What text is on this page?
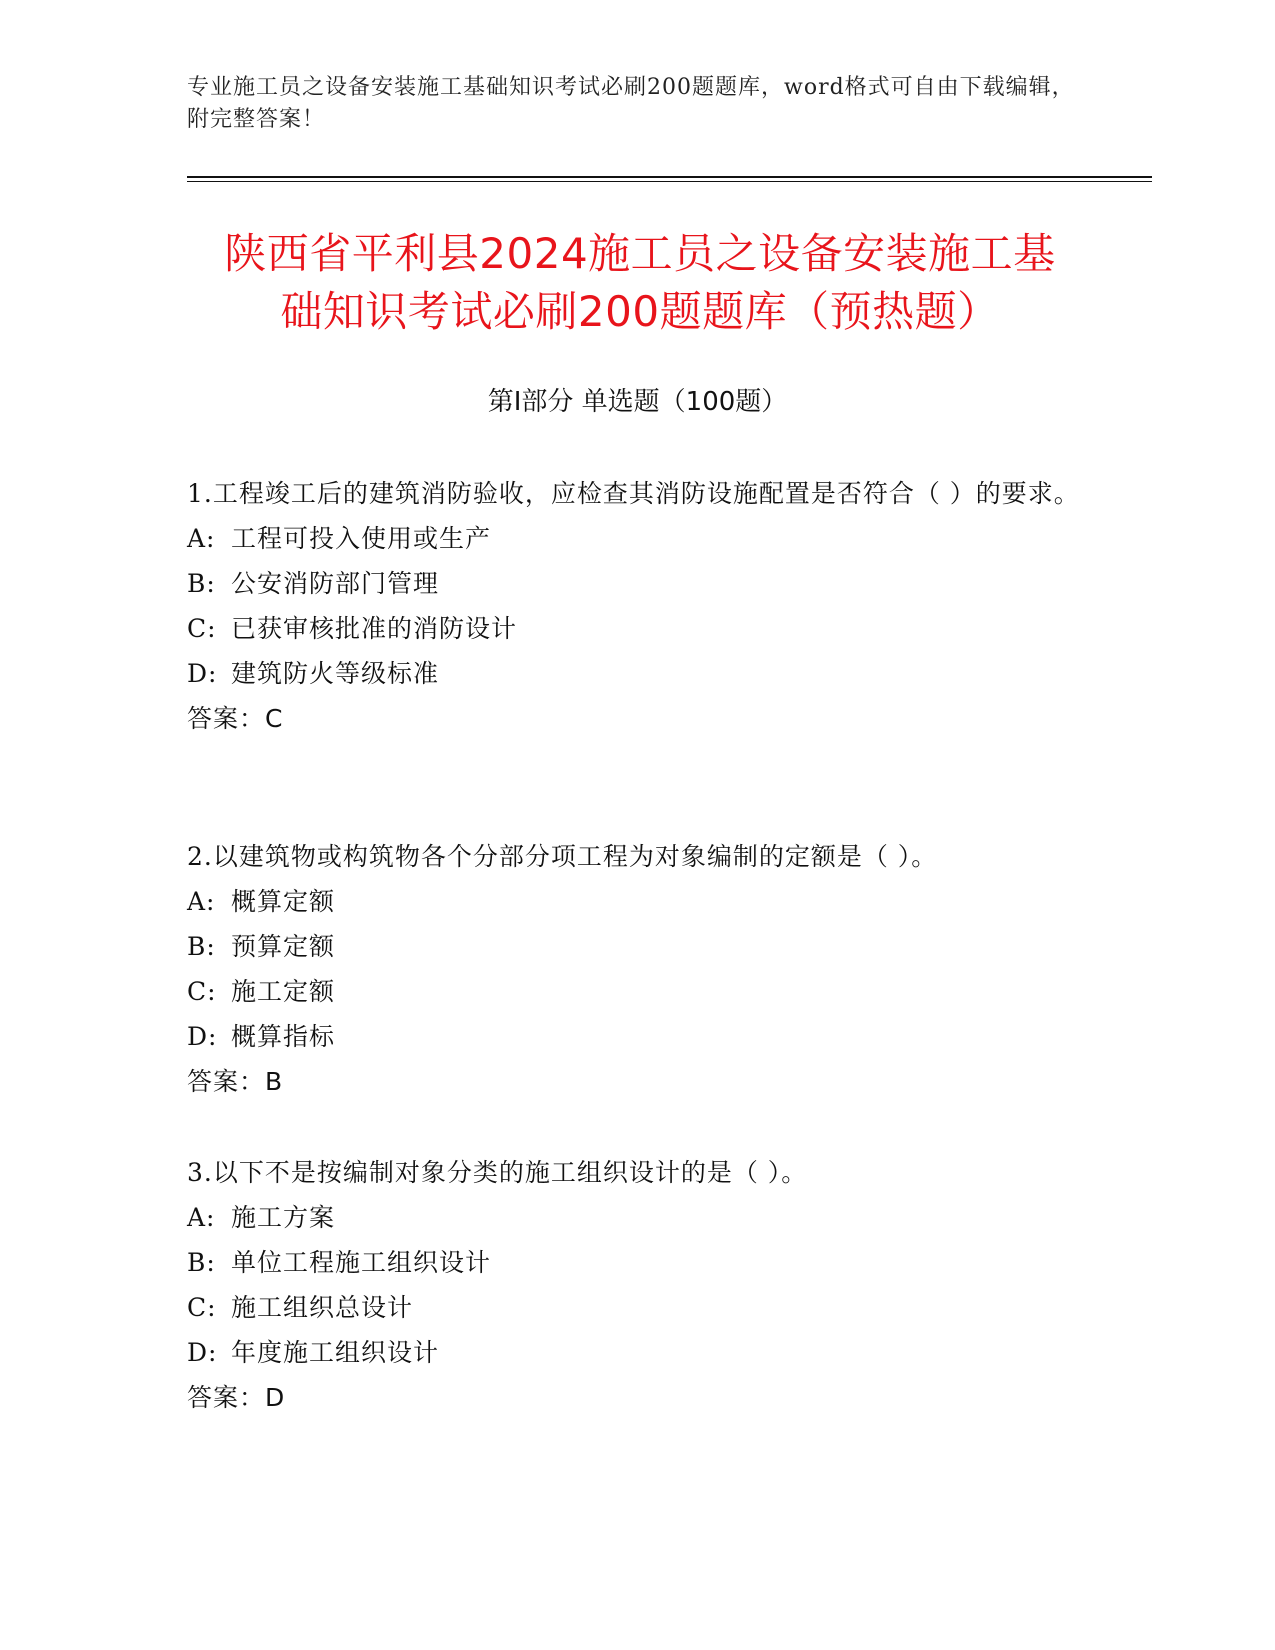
专业施工员之设备安装施工基础知识考试必刷200题题库，word格式可自由下载编辑，附完整答案！
陕西省平利县2024施工员之设备安装施工基
础知识考试必刷200题题库（预热题）
第I部分 单选题（100题）

1.工程竣工后的建筑消防验收，应检查其消防设施配置是否符合（ ）的要求。

A: 工程可投入使用或生产

B: 公安消防部门管理

C: 已获审核批准的消防设计

D: 建筑防火等级标准

答案：C

2.以建筑物或构筑物各个分部分项工程为对象编制的定额是（ ）。

A: 概算定额

B: 预算定额

C: 施工定额

D: 概算指标

答案：B

3.以下不是按编制对象分类的施工组织设计的是（ ）。

A: 施工方案

B: 单位工程施工组织设计

C: 施工组织总设计

D: 年度施工组织设计

答案：D
